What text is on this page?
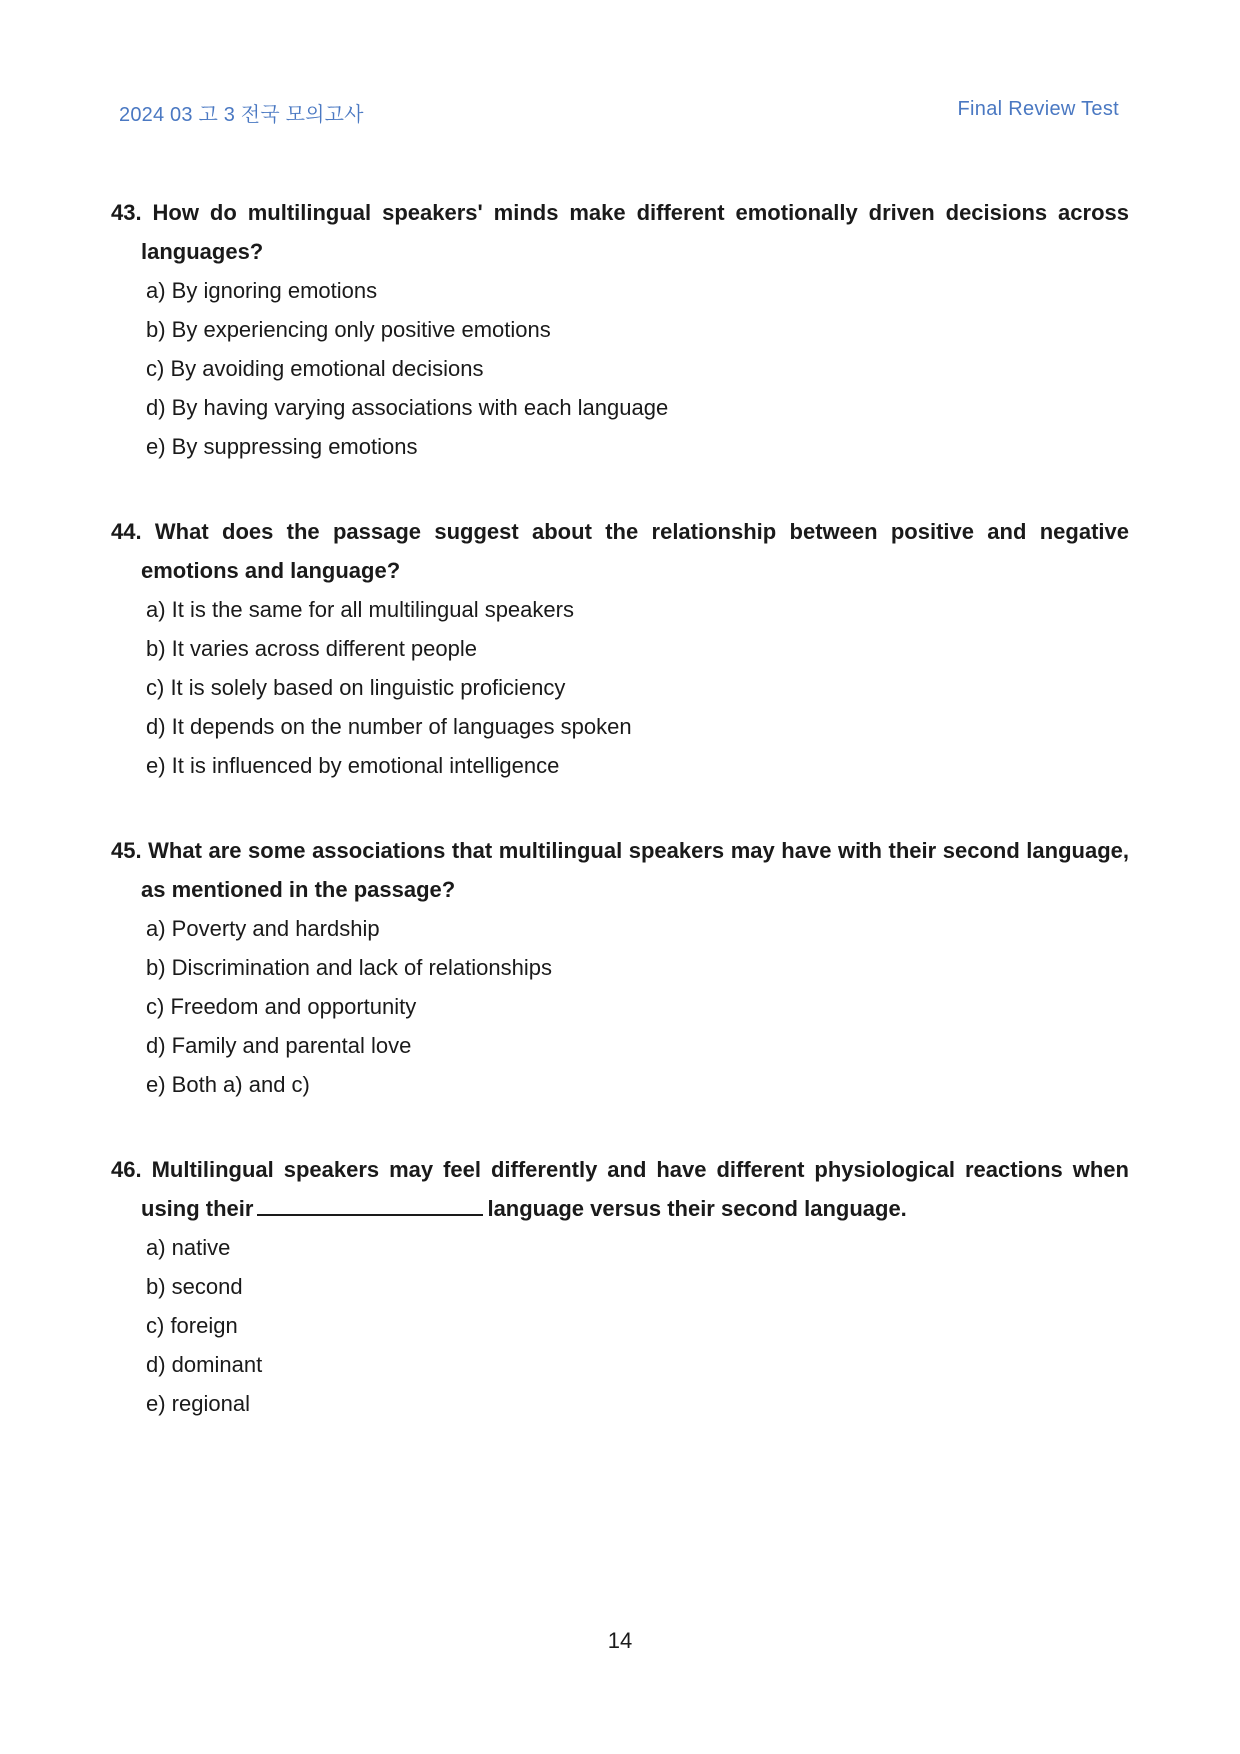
2024 03 고 3 전국 모의고사	Final Review Test

43. How do multilingual speakers' minds make different emotionally driven decisions across languages?

a) By ignoring emotions
b) By experiencing only positive emotions
c) By avoiding emotional decisions
d) By having varying associations with each language
e) By suppressing emotions

44. What does the passage suggest about the relationship between positive and negative emotions and language?

a) It is the same for all multilingual speakers
b) It varies across different people
c) It is solely based on linguistic proficiency
d) It depends on the number of languages spoken
e) It is influenced by emotional intelligence

45. What are some associations that multilingual speakers may have with their second language, as mentioned in the passage?

a) Poverty and hardship
b) Discrimination and lack of relationships
c) Freedom and opportunity
d) Family and parental love
e) Both a) and c)

46. Multilingual speakers may feel differently and have different physiological reactions when using their	language versus their second language.

a) native
b) second
c) foreign
d) dominant
e) regional
14
